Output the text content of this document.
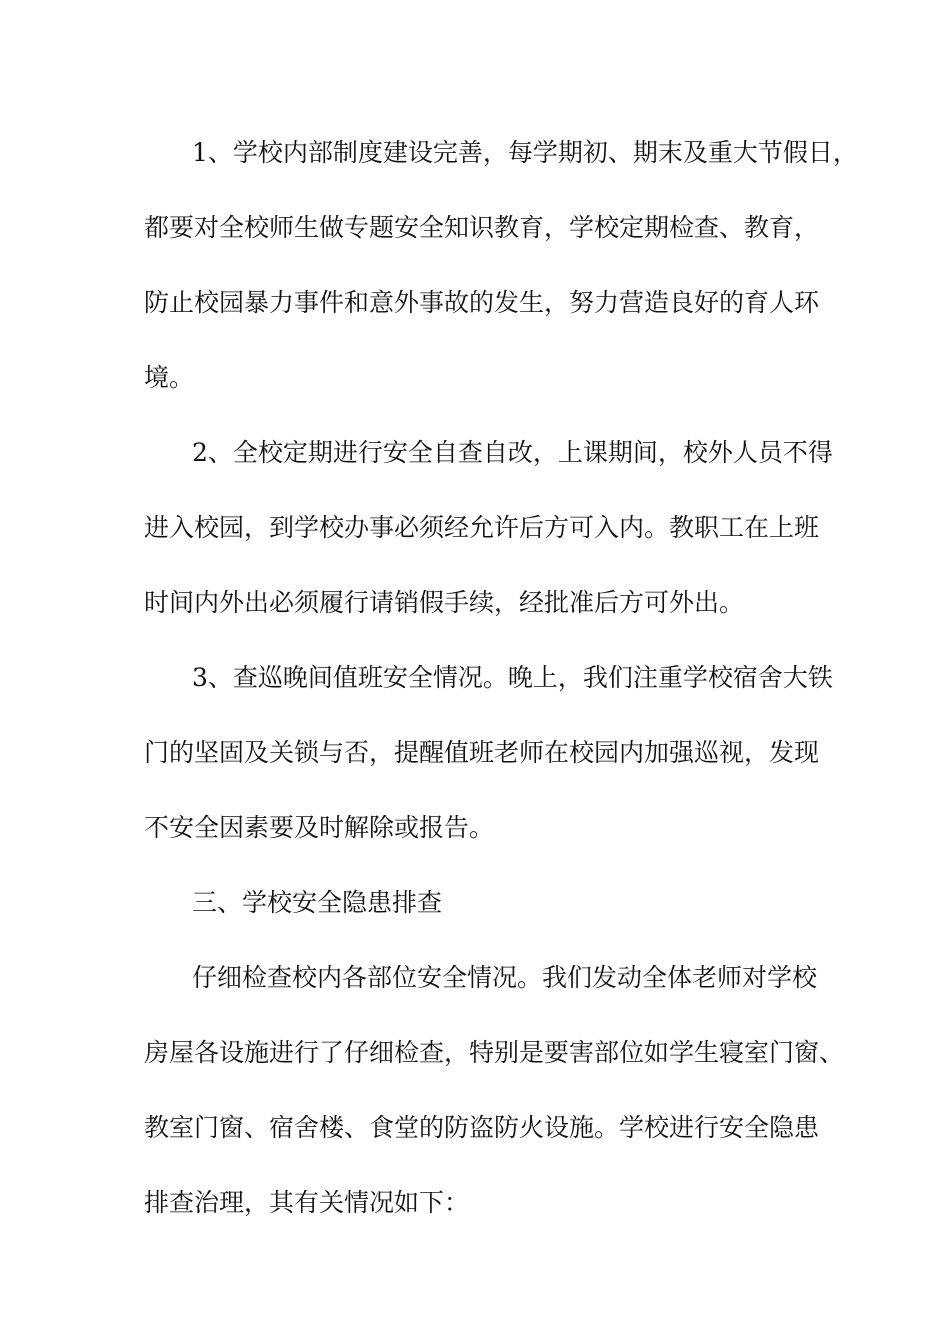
1、学校内部制度建设完善，每学期初、期末及重大节假日，
都要对全校师生做专题安全知识教育，学校定期检查、教育，
防止校园暴力事件和意外事故的发生，努力营造良好的育人环
境。
2、全校定期进行安全自查自改，上课期间，校外人员不得
进入校园，到学校办事必须经允许后方可入内。教职工在上班
时间内外出必须履行请销假手续，经批准后方可外出。
3、查巡晚间值班安全情况。晚上，我们注重学校宿舍大铁
门的坚固及关锁与否，提醒值班老师在校园内加强巡视，发现
不安全因素要及时解除或报告。
三、学校安全隐患排查
仔细检查校内各部位安全情况。我们发动全体老师对学校
房屋各设施进行了仔细检查，特别是要害部位如学生寝室门窗、
教室门窗、宿舍楼、食堂的防盗防火设施。学校进行安全隐患
排查治理，其有关情况如下：
